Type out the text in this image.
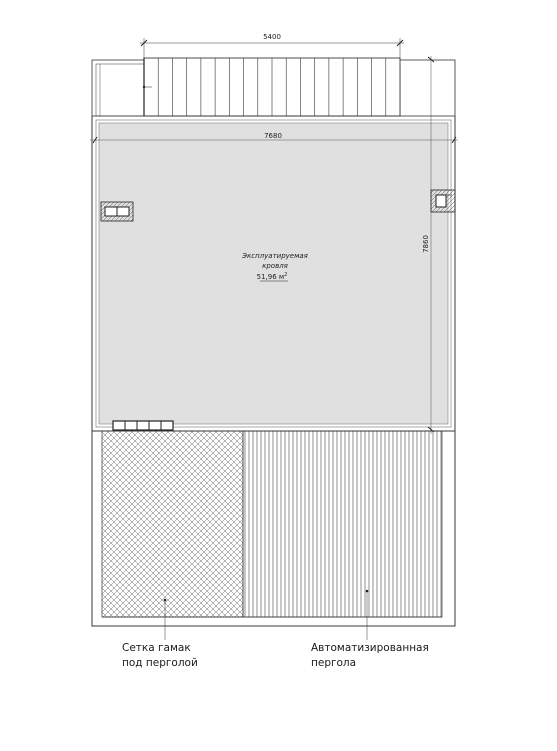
5400
7680
7860
Эксплуатируемая
кровля
51,96 $м^2$
Сетка гамак
под перголой
Автоматизированная
пергола
